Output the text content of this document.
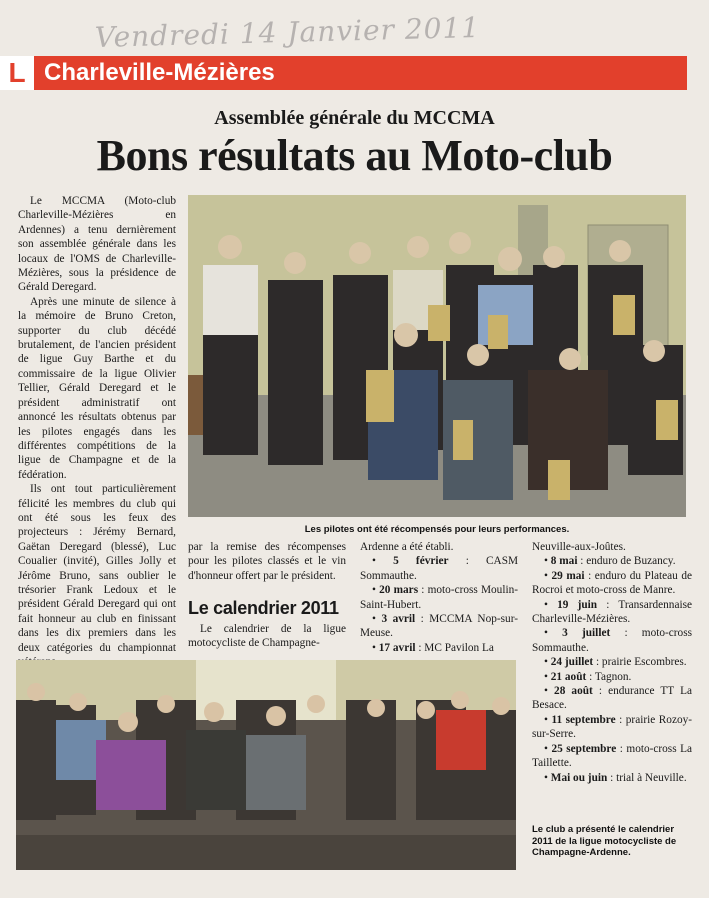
Vendredi 14 Janvier 2011
L Charleville-Mézières
Assemblée générale du MCCMA
Bons résultats au Moto-club

Le MCCMA (Moto-club Charleville-Mézières en Ardennes) a tenu dernièrement son assemblée générale dans les locaux de l'OMS de Charleville-Mézières, sous la présidence de Gérald Deregard.

Après une minute de silence à la mémoire de Bruno Creton, supporter du club décédé brutalement, de l'ancien président de ligue Guy Barthe et du commissaire de la ligue Olivier Tellier, Gérald Deregard et le président administratif ont annoncé les résultats obtenus par les pilotes engagés dans les différentes compétitions de la ligue de Champagne et de la fédération.

Ils ont tout particulièrement félicité les membres du club qui ont été sous les feux des projecteurs : Jérémy Bernard, Gaëtan Deregard (blessé), Luc Coualier (invité), Gilles Jolly et Jérôme Bruno, sans oublier le trésorier Frank Ledoux et le président Gérald Deregard qui ont fait honneur au club en finissant dans les dix premiers dans les deux catégories du championnat

Les pilotes ont été récompensés pour leurs performances.

par la remise des récompenses pour les pilotes classés et le vin d'honneur offert par le président.

Le calendrier 2011

Le calendrier de la ligue motocycliste de Champagne-

Ardenne a été établi.

• 5 février : CASM Sommauthe.

• 20 mars : moto-cross Moulin-Saint-Hubert.

• 3 avril : MCCMA Nop-sur-Meuse.

• 17 avril : MC Pavilon La

Neuville-aux-Joûtes.

• 8 mai : enduro de Buzancy.

• 29 mai : enduro du Plateau de Rocroi et moto-cross de Manre.

• 19 juin : Transardennaise Charleville-Mézières.

• 3 juillet : moto-cross Sommauthe.

• 24 juillet : prairie Escombres.

• 21 août : Tagnon.

• 28 août : endurance TT La Besace.

• 11 septembre : prairie Rozoy-sur-Serre.

• 25 septembre : moto-cross La Taillette.

• Mai ou juin : trial à Neuville.

Le club a présenté le calendrier 2011 de la ligue motocycliste de Champagne-Ardenne.
